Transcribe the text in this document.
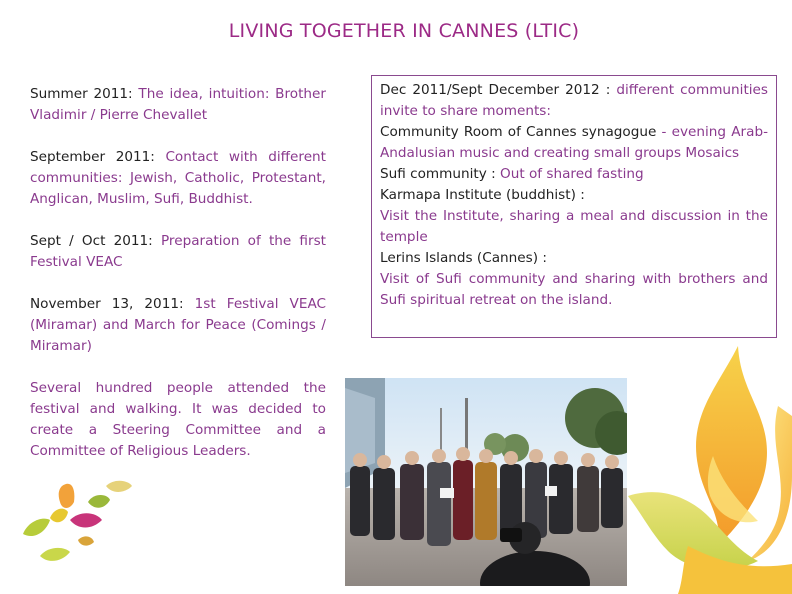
LIVING TOGETHER IN CANNES (LTIC)

Summer 2011: The idea, intuition: Brother Vladimir / Pierre Chevallet

September 2011: Contact with different communities: Jewish, Catholic, Protestant, Anglican, Muslim, Sufi, Buddhist.

Sept / Oct 2011: Preparation of the first Festival VEAC

November 13, 2011: 1st Festival VEAC (Miramar) and March for Peace (Comings / Miramar)

Several hundred people attended the festival and walking. It was decided to create a Steering Committee and a Committee of Religious Leaders.

Dec 2011/Sept December 2012 : different communities invite to share moments:

Community Room of Cannes synagogue - evening Arab-Andalusian music and creating small groups Mosaics

Sufi community : Out of shared fasting

Karmapa Institute (buddhist) :

Visit the Institute, sharing a meal and discussion in the temple

Lerins Islands (Cannes) :

Visit of Sufi community and sharing with brothers and Sufi spiritual retreat on the island.
